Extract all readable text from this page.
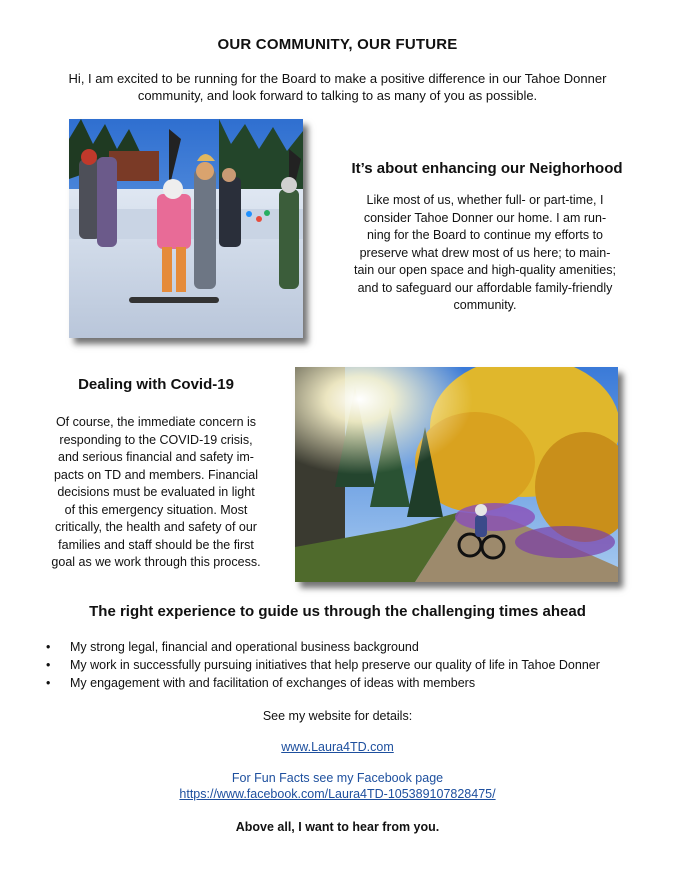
OUR COMMUNITY, OUR FUTURE
Hi, I am excited to be running for the Board to make a positive difference in our Tahoe Donner community, and look forward to talking to as many of you as possible.
It’s about enhancing our Neighorhood
Like most of us, whether full- or part-time, I
consider Tahoe Donner our home. I am run-
ning for the Board to continue my efforts to
preserve what drew most of us here; to main-
tain our open space and high-quality amenities;
and to safeguard our affordable family-friendly
community.
Dealing with Covid-19
Of course, the immediate concern is
responding to the COVID-19 crisis,
and serious financial and safety im-
pacts on TD and members. Financial
decisions must be evaluated in light
of this emergency situation. Most
critically, the health and safety of our
families and staff should be the first
goal as we work through this process.
The right experience to guide us through the challenging times ahead
• My strong legal, financial and operational business background
• My work in successfully pursuing initiatives that help preserve our quality of life in Tahoe Donner
• My engagement with and facilitation of exchanges of ideas with members
See my website for details:
www.Laura4TD.com
For Fun Facts see my Facebook page
https://www.facebook.com/Laura4TD-105389107828475/
Above all, I want to hear from you.
